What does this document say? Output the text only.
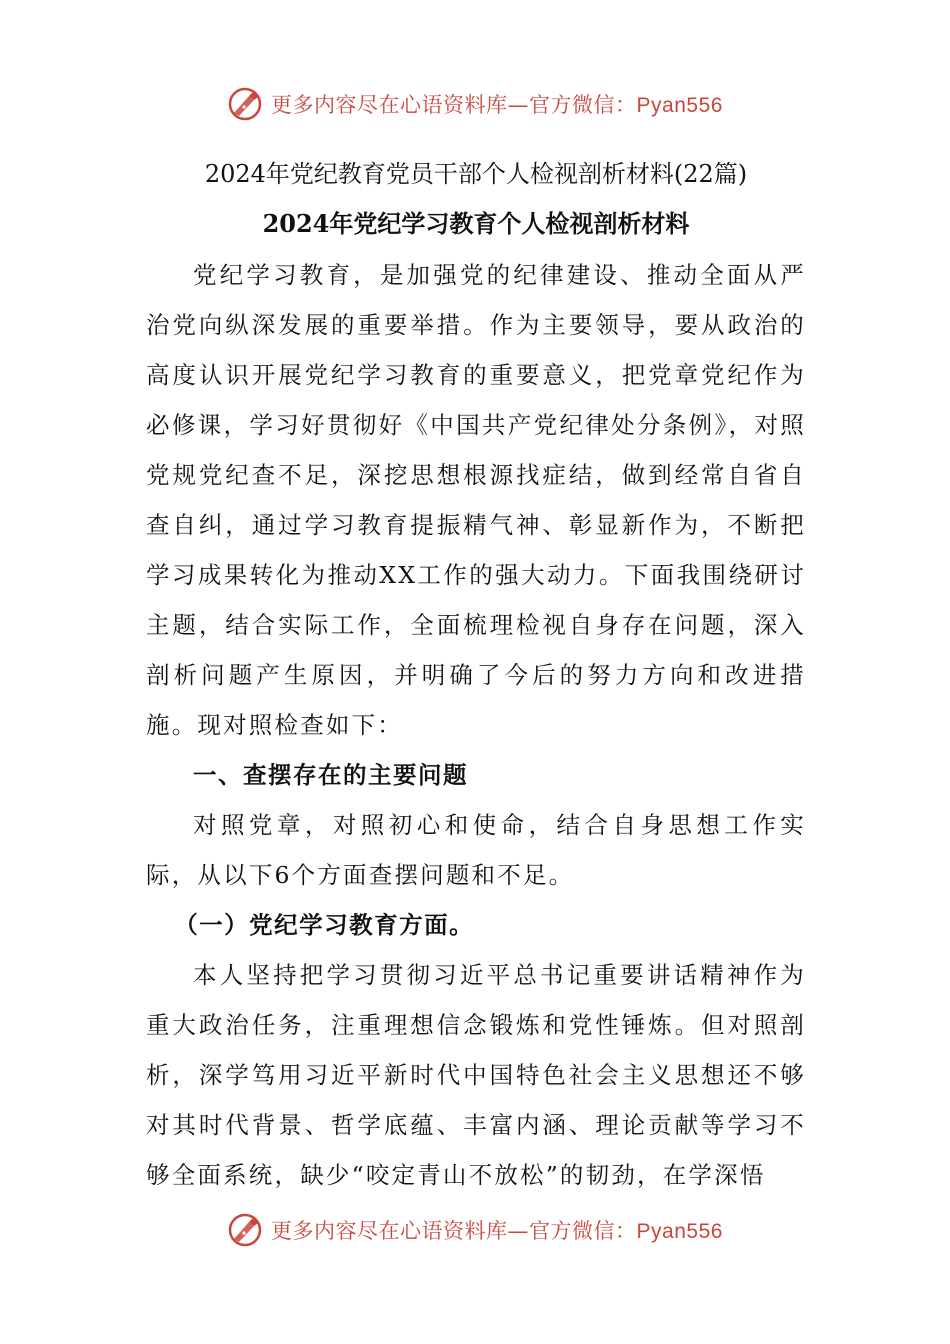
更多内容尽在心语资料库—官方微信：Pyan556
2024年党纪教育党员干部个人检视剖析材料(22篇)
2024年党纪学习教育个人检视剖析材料

党纪学习教育，是加强党的纪律建设、推动全面从严治党向纵深发展的重要举措。作为主要领导，要从政治的高度认识开展党纪学习教育的重要意义，把党章党纪作为必修课，学习好贯彻好《中国共产党纪律处分条例》，对照党规党纪查不足，深挖思想根源找症结，做到经常自省自查自纠，通过学习教育提振精气神、彰显新作为，不断把学习成果转化为推动XX工作的强大动力。下面我围绕研讨主题，结合实际工作，全面梳理检视自身存在问题，深入剖析问题产生原因，并明确了今后的努力方向和改进措施。现对照检查如下：

一、查摆存在的主要问题

对照党章，对照初心和使命，结合自身思想工作实际，从以下6个方面查摆问题和不足。

（一）党纪学习教育方面。

本人坚持把学习贯彻习近平总书记重要讲话精神作为重大政治任务，注重理想信念锻炼和党性锤炼。但对照剖析，深学笃用习近平新时代中国特色社会主义思想还不够对其时代背景、哲学底蕴、丰富内涵、理论贡献等学习不够全面系统，缺少“咬定青山不放松”的韧劲，在学深悟

更多内容尽在心语资料库—官方微信：Pyan556
